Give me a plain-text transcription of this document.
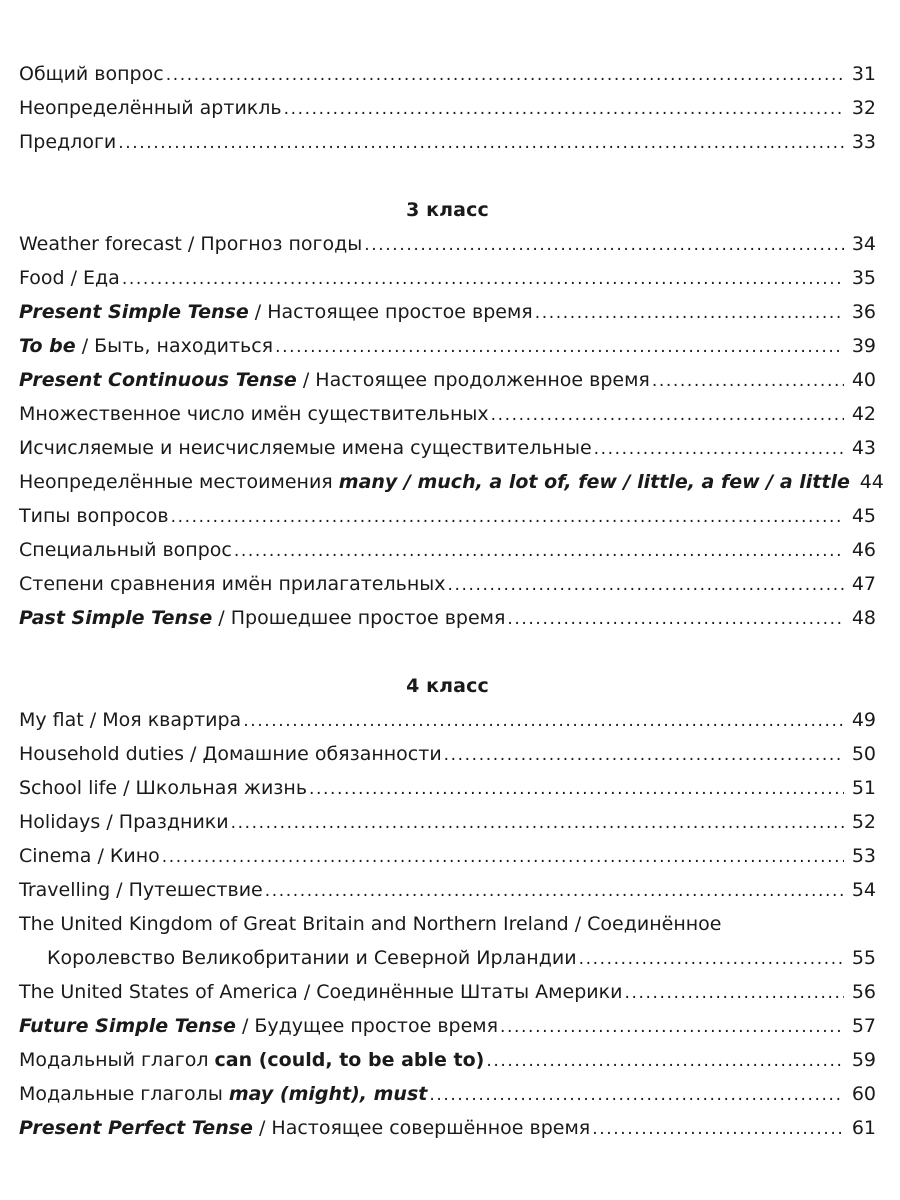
Общий вопрос .....	31
Неопределённый артикль .....	32
Предлоги .....	33
3 класс
Weather forecast / Прогноз погоды .....	34
Food / Еда .....	35
Present Simple Tense / Настоящее простое время .....	36
To be / Быть, находиться .....	39
Present Continuous Tense / Настоящее продолженное время .....	40
Множественное число имён существительных .....	42
Исчисляемые и неисчисляемые имена существительные .....	43
Неопределённые местоимения many / much, a lot of, few / little, a few / a little 44
Типы вопросов .....	45
Специальный вопрос .....	46
Степени сравнения имён прилагательных .....	47
Past Simple Tense / Прошедшее простое время .....	48
4 класс
My flat / Моя квартира .....	49
Household duties / Домашние обязанности .....	50
School life / Школьная жизнь .....	51
Holidays / Праздники .....	52
Cinema / Кино .....	53
Travelling / Путешествие .....	54
The United Kingdom of Great Britain and Northern Ireland / Соединённое
Королевство Великобритании и Северной Ирландии .....	55
The United States of America / Соединённые Штаты Америки .....	56
Future Simple Tense / Будущее простое время .....	57
Модальный глагол can (could, to be able to) .....	59
Модальные глаголы may (might), must .....	60
Present Perfect Tense / Настоящее совершённое время .....	61
